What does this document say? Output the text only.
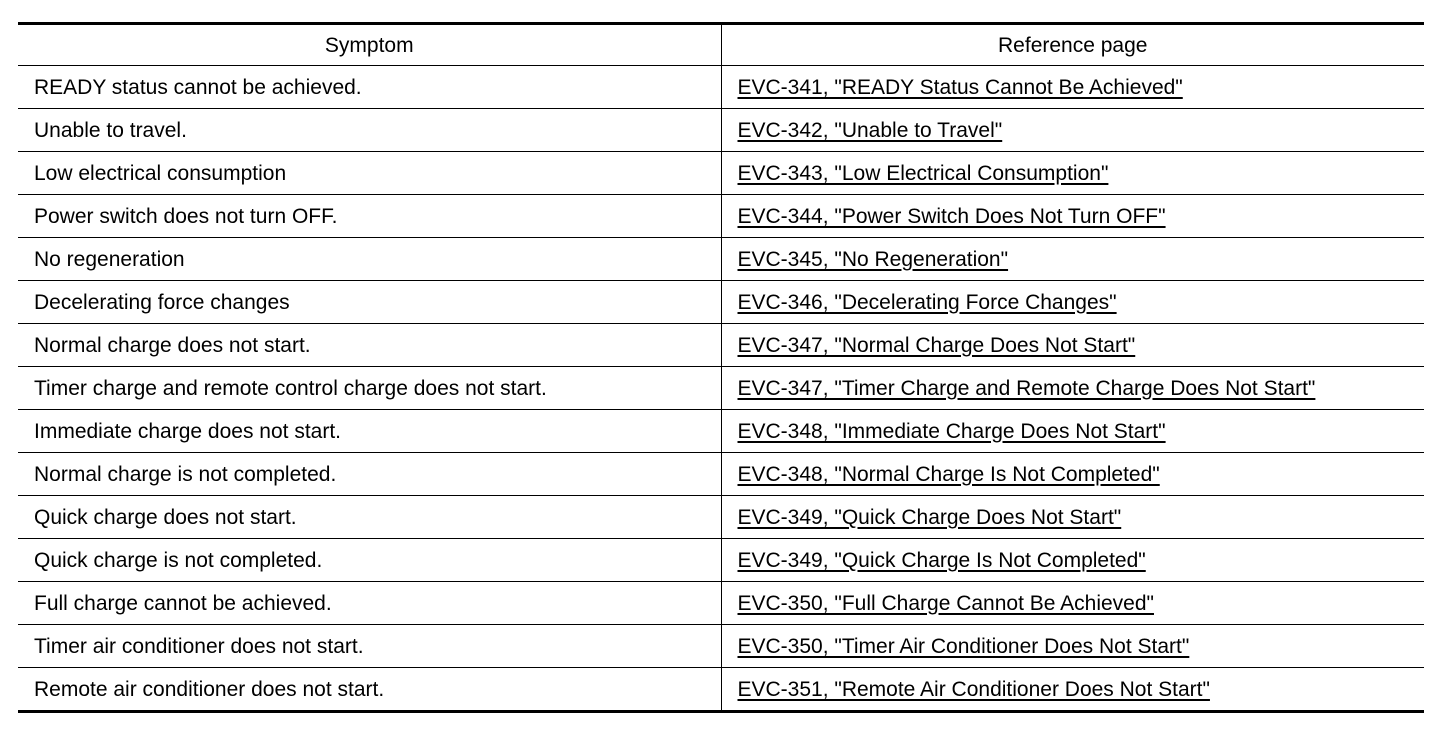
Symptom	Reference page
READY status cannot be achieved.	EVC-341, "READY Status Cannot Be Achieved"
Unable to travel.	EVC-342, "Unable to Travel"
Low electrical consumption	EVC-343, "Low Electrical Consumption"
Power switch does not turn OFF.	EVC-344, "Power Switch Does Not Turn OFF"
No regeneration	EVC-345, "No Regeneration"
Decelerating force changes	EVC-346, "Decelerating Force Changes"
Normal charge does not start.	EVC-347, "Normal Charge Does Not Start"
Timer charge and remote control charge does not start.	EVC-347, "Timer Charge and Remote Charge Does Not Start"
Immediate charge does not start.	EVC-348, "Immediate Charge Does Not Start"
Normal charge is not completed.	EVC-348, "Normal Charge Is Not Completed"
Quick charge does not start.	EVC-349, "Quick Charge Does Not Start"
Quick charge is not completed.	EVC-349, "Quick Charge Is Not Completed"
Full charge cannot be achieved.	EVC-350, "Full Charge Cannot Be Achieved"
Timer air conditioner does not start.	EVC-350, "Timer Air Conditioner Does Not Start"
Remote air conditioner does not start.	EVC-351, "Remote Air Conditioner Does Not Start"
